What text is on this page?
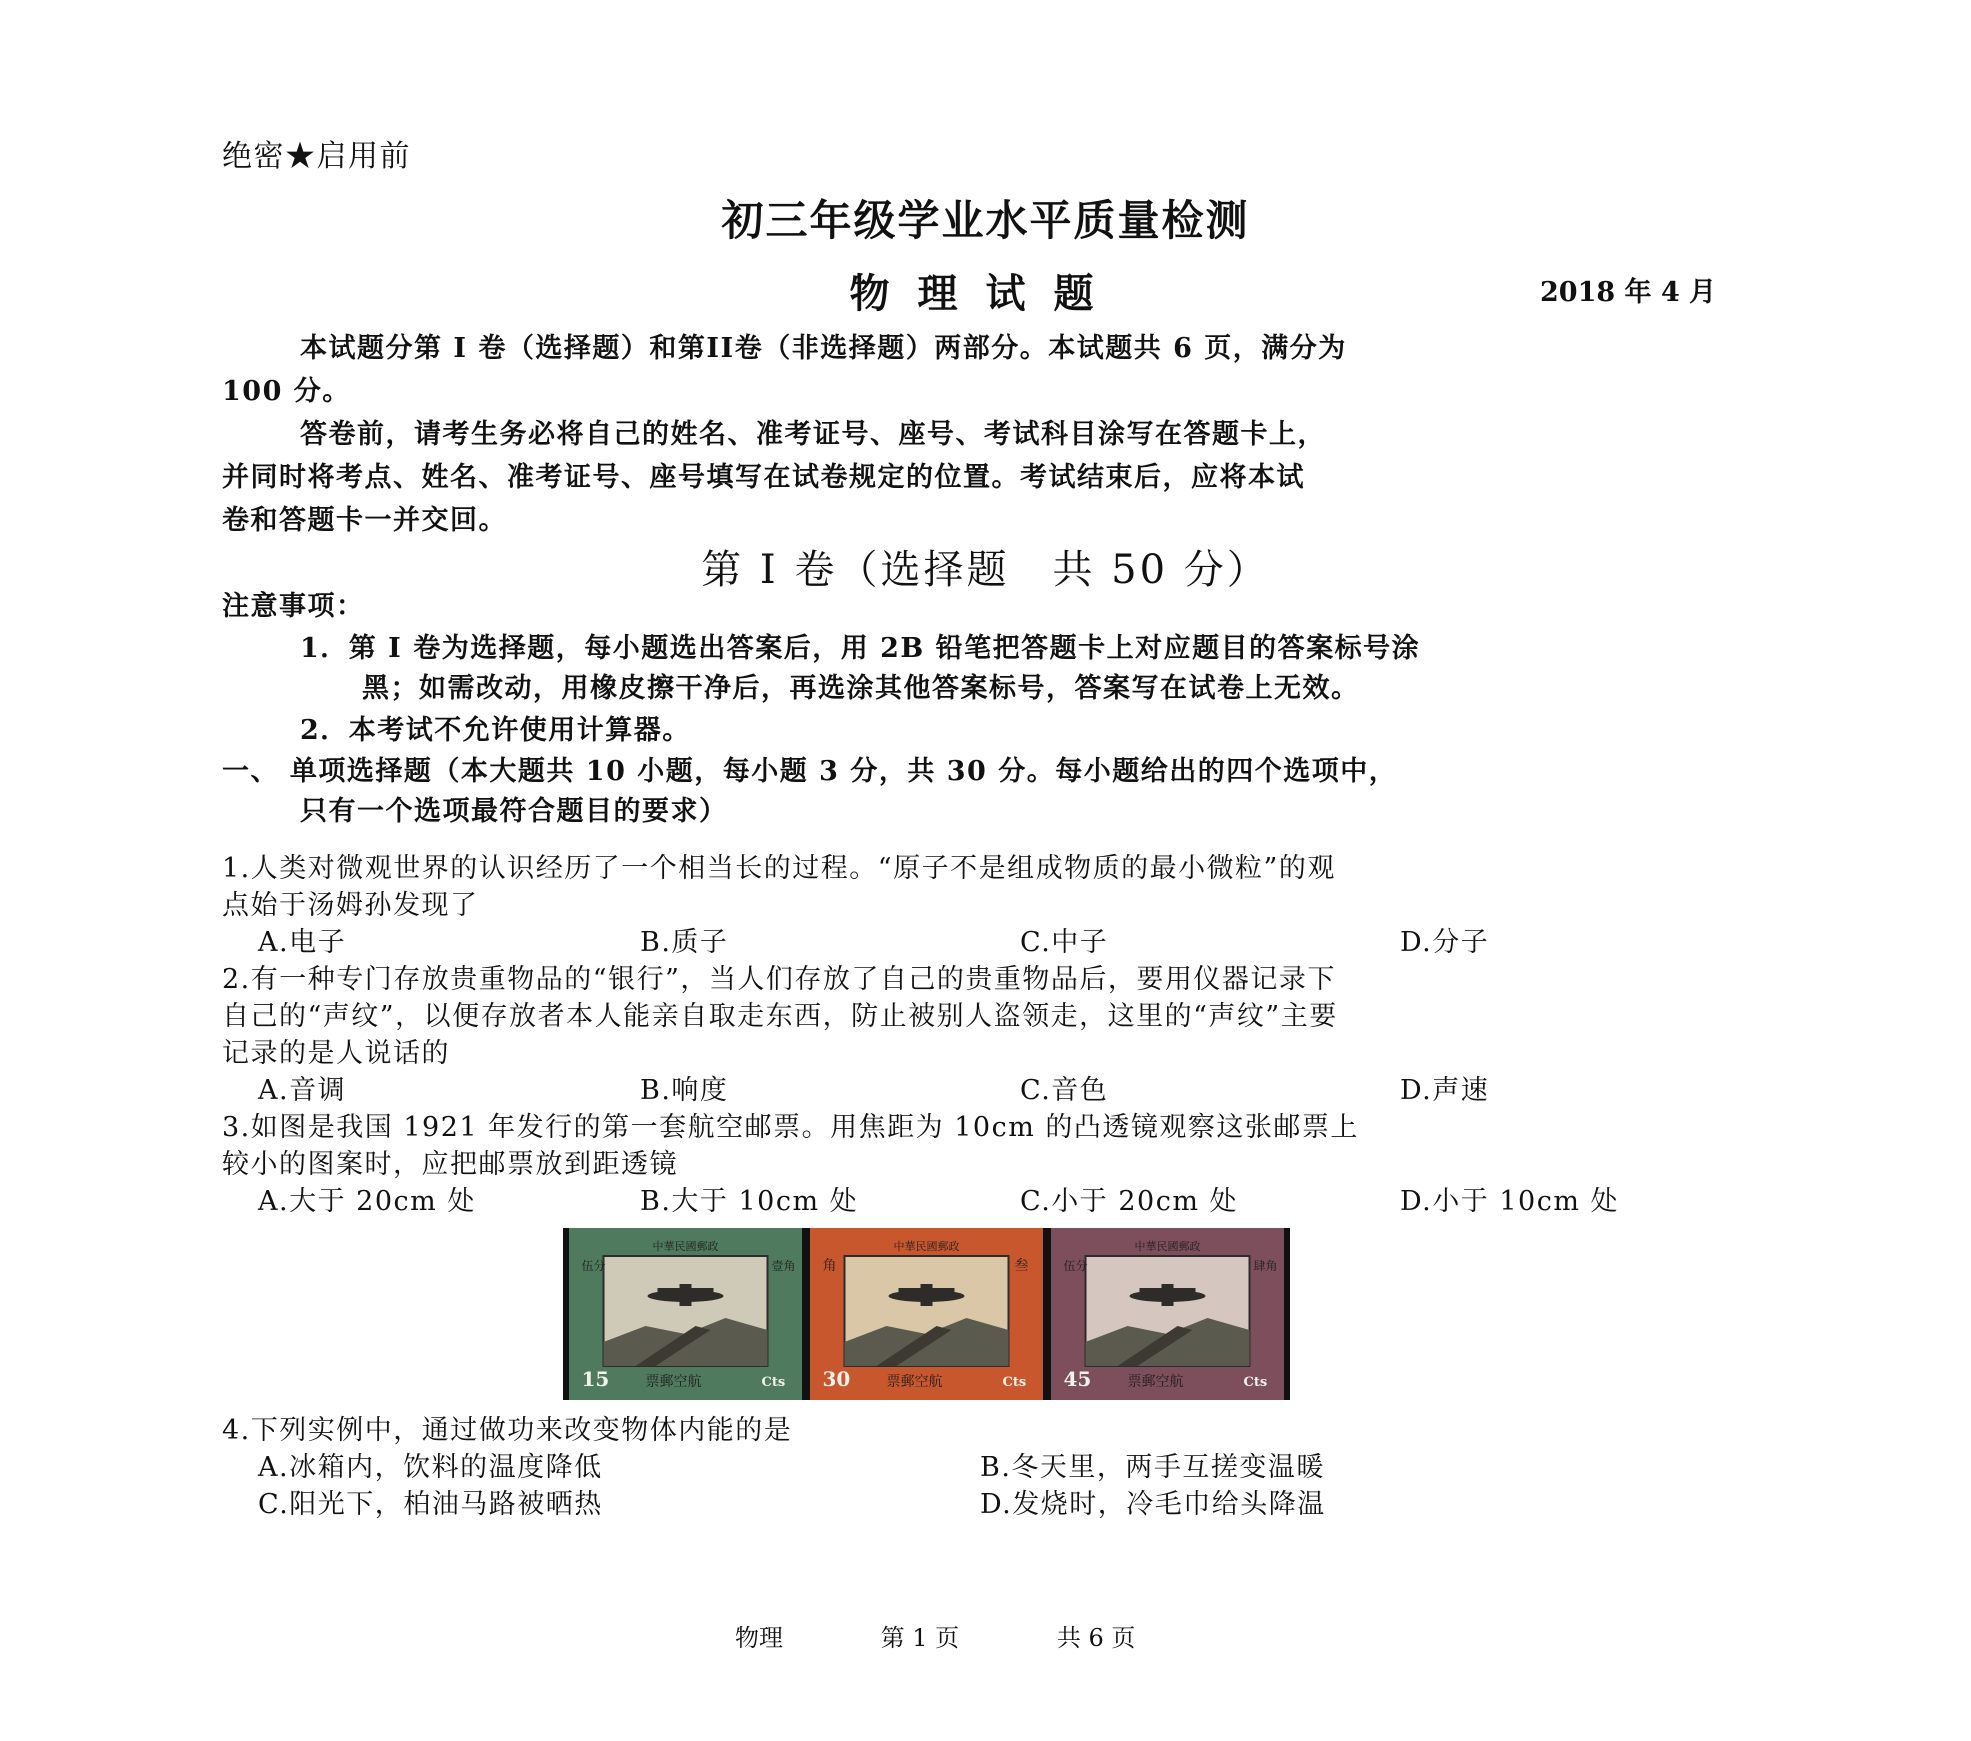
绝密★启用前
初三年级学业水平质量检测
物理试题	2018 年 4 月
本试题分第 I 卷（选择题）和第II卷（非选择题）两部分。本试题共 6 页，满分为
100 分。
答卷前，请考生务必将自己的姓名、准考证号、座号、考试科目涂写在答题卡上，
并同时将考点、姓名、准考证号、座号填写在试卷规定的位置。考试结束后，应将本试
卷和答题卡一并交回。
第 I 卷（选择题　共 50 分）
注意事项：
1．第 I 卷为选择题，每小题选出答案后，用 2B 铅笔把答题卡上对应题目的答案标号涂
黑；如需改动，用橡皮擦干净后，再选涂其他答案标号，答案写在试卷上无效。
2．本考试不允许使用计算器。
一、 单项选择题（本大题共 10 小题，每小题 3 分，共 30 分。每小题给出的四个选项中，
只有一个选项最符合题目的要求）
1.人类对微观世界的认识经历了一个相当长的过程。“原子不是组成物质的最小微粒”的观
点始于汤姆孙发现了
A.电子	B.质子	C.中子	D.分子
2.有一种专门存放贵重物品的“银行”，当人们存放了自己的贵重物品后，要用仪器记录下
自己的“声纹”，以便存放者本人能亲自取走东西，防止被别人盗领走，这里的“声纹”主要
记录的是人说话的
A.音调	B.响度	C.音色	D.声速
3.如图是我国 1921 年发行的第一套航空邮票。用焦距为 10cm 的凸透镜观察这张邮票上
较小的图案时，应把邮票放到距透镜
A.大于 20cm 处	B.大于 10cm 处	C.小于 20cm 处	D.小于 10cm 处
中華民國郵政
伍分	壹角
15	票郵空航	Cts
中華民國郵政
角	叁
30	票郵空航	Cts
中華民國郵政
伍分	肆角
45	票郵空航	Cts
4.下列实例中，通过做功来改变物体内能的是
A.冰箱内，饮料的温度降低	B.冬天里，两手互搓变温暖
C.阳光下，柏油马路被晒热	D.发烧时，冷毛巾给头降温
物理	第 1 页	共 6 页
